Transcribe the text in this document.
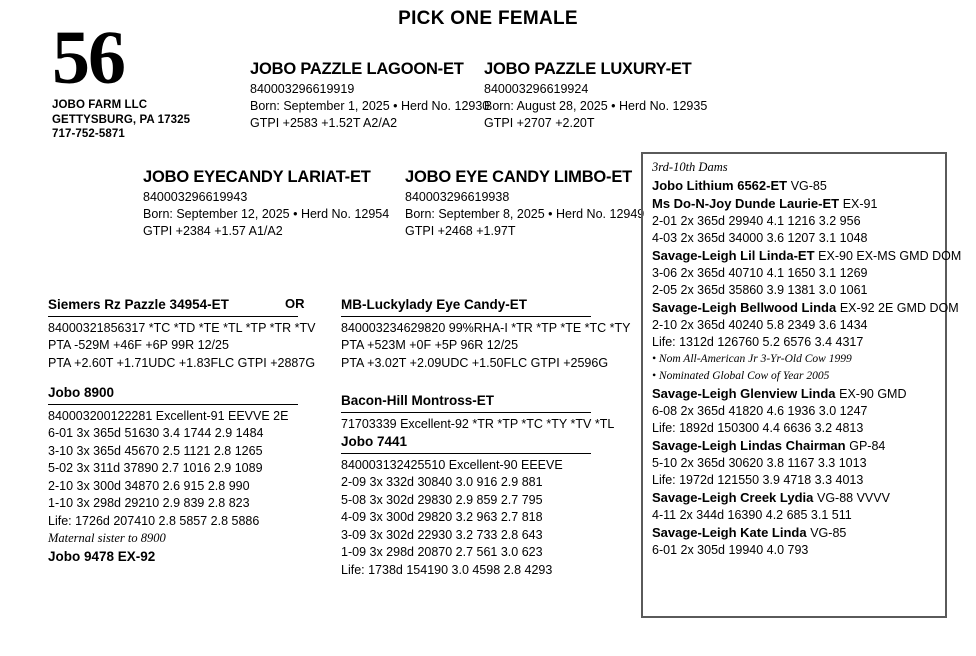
PICK ONE FEMALE
56
JOBO FARM LLC
GETTYSBURG, PA 17325
717-752-5871
JOBO PAZZLE LAGOON-ET
840003296619919
Born: September 1, 2025 • Herd No. 12930
GTPI +2583 +1.52T A2/A2
JOBO PAZZLE LUXURY-ET
840003296619924
Born: August 28, 2025 • Herd No. 12935
GTPI +2707 +2.20T
JOBO EYECANDY LARIAT-ET
840003296619943
Born: September 12, 2025 • Herd No. 12954
GTPI +2384 +1.57 A1/A2
JOBO EYE CANDY LIMBO-ET
840003296619938
Born: September 8, 2025 • Herd No. 12949
GTPI +2468 +1.97T
OR
Siemers Rz Pazzle 34954-ET
84000321856317 *TC *TD *TE *TL *TP *TR *TV
PTA -529M +46F +6P 99R 12/25
PTA +2.60T +1.71UDC +1.83FLC GTPI +2887G
Jobo 8900
840003200122281 Excellent-91 EEVVE 2E
6-01 3x 365d 51630 3.4 1744 2.9 1484
3-10 3x 365d 45670 2.5 1121 2.8 1265
5-02 3x 311d 37890 2.7 1016 2.9 1089
2-10 3x 300d 34870 2.6 915 2.8 990
1-10 3x 298d 29210 2.9 839 2.8 823
Life: 1726d 207410 2.8 5857 2.8 5886
Maternal sister to 8900
Jobo 9478 EX-92
MB-Luckylady Eye Candy-ET
840003234629820 99%RHA-I *TR *TP *TE *TC *TY
PTA +523M +0F +5P 96R 12/25
PTA +3.02T +2.09UDC +1.50FLC GTPI +2596G
Bacon-Hill Montross-ET
71703339 Excellent-92 *TR *TP *TC *TY *TV *TL
Jobo 7441
840003132425510 Excellent-90 EEEVE
2-09 3x 332d 30840 3.0 916 2.9 881
5-08 3x 302d 29830 2.9 859 2.7 795
4-09 3x 300d 29820 3.2 963 2.7 818
3-09 3x 302d 22930 3.2 733 2.8 643
1-09 3x 298d 20870 2.7 561 3.0 623
Life: 1738d 154190 3.0 4598 2.8 4293
3rd-10th Dams
Jobo Lithium 6562-ET VG-85
Ms Do-N-Joy Dunde Laurie-ET EX-91
2-01 2x 365d 29940 4.1 1216 3.2 956
4-03 2x 365d 34000 3.6 1207 3.1 1048
Savage-Leigh Lil Linda-ET EX-90 EX-MS GMD DOM
3-06 2x 365d 40710 4.1 1650 3.1 1269
2-05 2x 365d 35860 3.9 1381 3.0 1061
Savage-Leigh Bellwood Linda EX-92 2E GMD DOM
2-10 2x 365d 40240 5.8 2349 3.6 1434
Life: 1312d 126760 5.2 6576 3.4 4317
• Nom All-American Jr 3-Yr-Old Cow 1999
• Nominated Global Cow of Year 2005
Savage-Leigh Glenview Linda EX-90 GMD
6-08 2x 365d 41820 4.6 1936 3.0 1247
Life: 1892d 150300 4.4 6636 3.2 4813
Savage-Leigh Lindas Chairman GP-84
5-10 2x 365d 30620 3.8 1167 3.3 1013
Life: 1972d 121550 3.9 4718 3.3 4013
Savage-Leigh Creek Lydia VG-88 VVVV
4-11 2x 344d 16390 4.2 685 3.1 511
Savage-Leigh Kate Linda VG-85
6-01 2x 305d 19940 4.0 793
